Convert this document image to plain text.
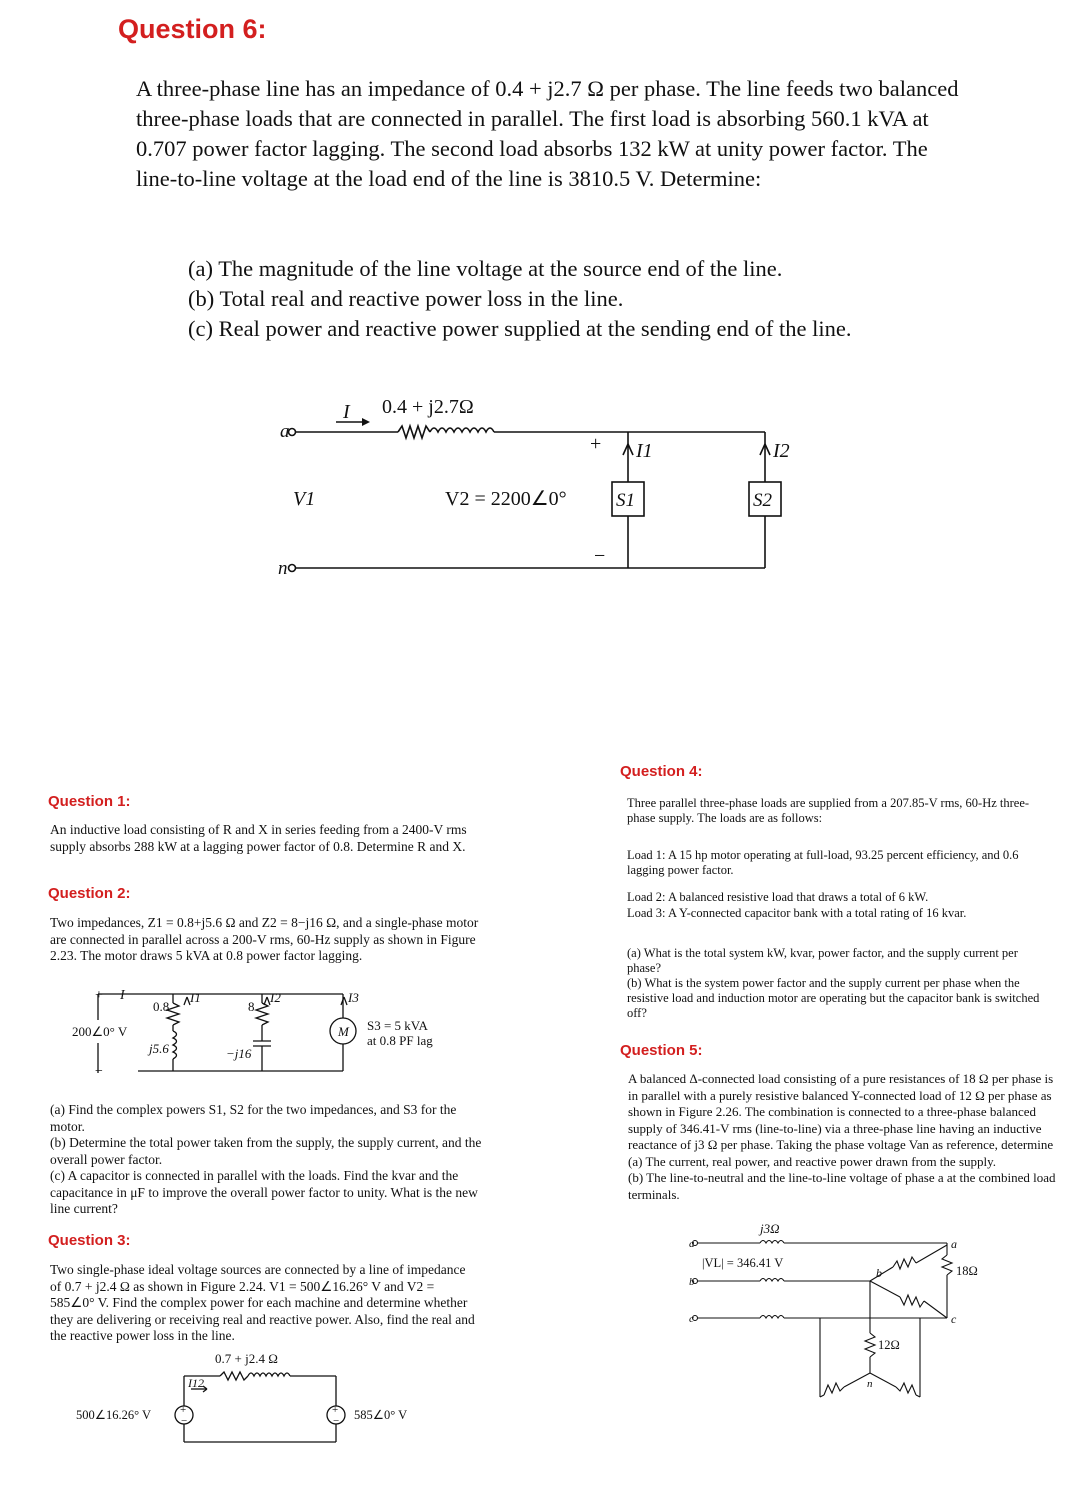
Question 6:

A three-phase line has an impedance of 0.4 + j2.7 Ω per phase. The line feeds two balanced three-phase loads that are connected in parallel. The first load is absorbing 560.1 kVA at 0.707 power factor lagging. The second load absorbs 132 kW at unity power factor. The line-to-line voltage at the load end of the line is 3810.5 V. Determine:

(a) The magnitude of the line voltage at the source end of the line.

(b) Total real and reactive power loss in the line.

(c) Real power and reactive power supplied at the sending end of the line.

a
n
I 0.4 + j2.7Ω
V1	V2 = 2200∠0°
+
−
I1	I2
S1	S2
Question 1:

An inductive load consisting of R and X in series feeding from a 2400-V rms supply absorbs 288 kW at a lagging power factor of 0.8. Determine R and X.

Question 2:

Two impedances, Z1 = 0.8+j5.6 Ω and Z2 = 8−j16 Ω, and a single-phase motor are connected in parallel across a 200-V rms, 60-Hz supply as shown in Figure 2.23. The motor draws 5 kVA at 0.8 power factor lagging.

+
−
I
200∠0° V
0.8
j5.6
8
−j16
I1	I2	I3
M S3 = 5 kVA
at 0.8 PF lag

(a) Find the complex powers S1, S2 for the two impedances, and S3 for the motor.

(b) Determine the total power taken from the supply, the supply current, and the overall power factor.

(c) A capacitor is connected in parallel with the loads. Find the kvar and the capacitance in μF to improve the overall power factor to unity. What is the new line current?

Question 3:

Two single-phase ideal voltage sources are connected by a line of impedance of 0.7 + j2.4 Ω as shown in Figure 2.24. V1 = 500∠16.26° V and V2 = 585∠0° V. Find the complex power for each machine and determine whether they are delivering or receiving real and reactive power. Also, find the real and the reactive power loss in the line.

0.7 + j2.4 Ω
I12
500∠16.26° V	585∠0° V
+
−
+
−
Question 4:

Three parallel three-phase loads are supplied from a 207.85-V rms, 60-Hz three-phase supply. The loads are as follows:

Load 1: A 15 hp motor operating at full-load, 93.25 percent efficiency, and 0.6 lagging power factor.

Load 2: A balanced resistive load that draws a total of 6 kW.

Load 3: A Y-connected capacitor bank with a total rating of 16 kvar.

(a) What is the total system kW, kvar, power factor, and the supply current per phase?

(b) What is the system power factor and the supply current per phase when the resistive load and induction motor are operating but the capacitor bank is switched off?

Question 5:

A balanced Δ-connected load consisting of a pure resistances of 18 Ω per phase is in parallel with a purely resistive balanced Y-connected load of 12 Ω per phase as shown in Figure 2.26. The combination is connected to a three-phase balanced supply of 346.41-V rms (line-to-line) via a three-phase line having an inductive reactance of j3 Ω per phase. Taking the phase voltage Van as reference, determine

(a) The current, real power, and reactive power drawn from the supply.

(b) The line-to-neutral and the line-to-line voltage of phase a at the combined load terminals.

j3Ω
|VL| = 346.41 V
a
b
c
a
b
c
18Ω
12Ω
n
